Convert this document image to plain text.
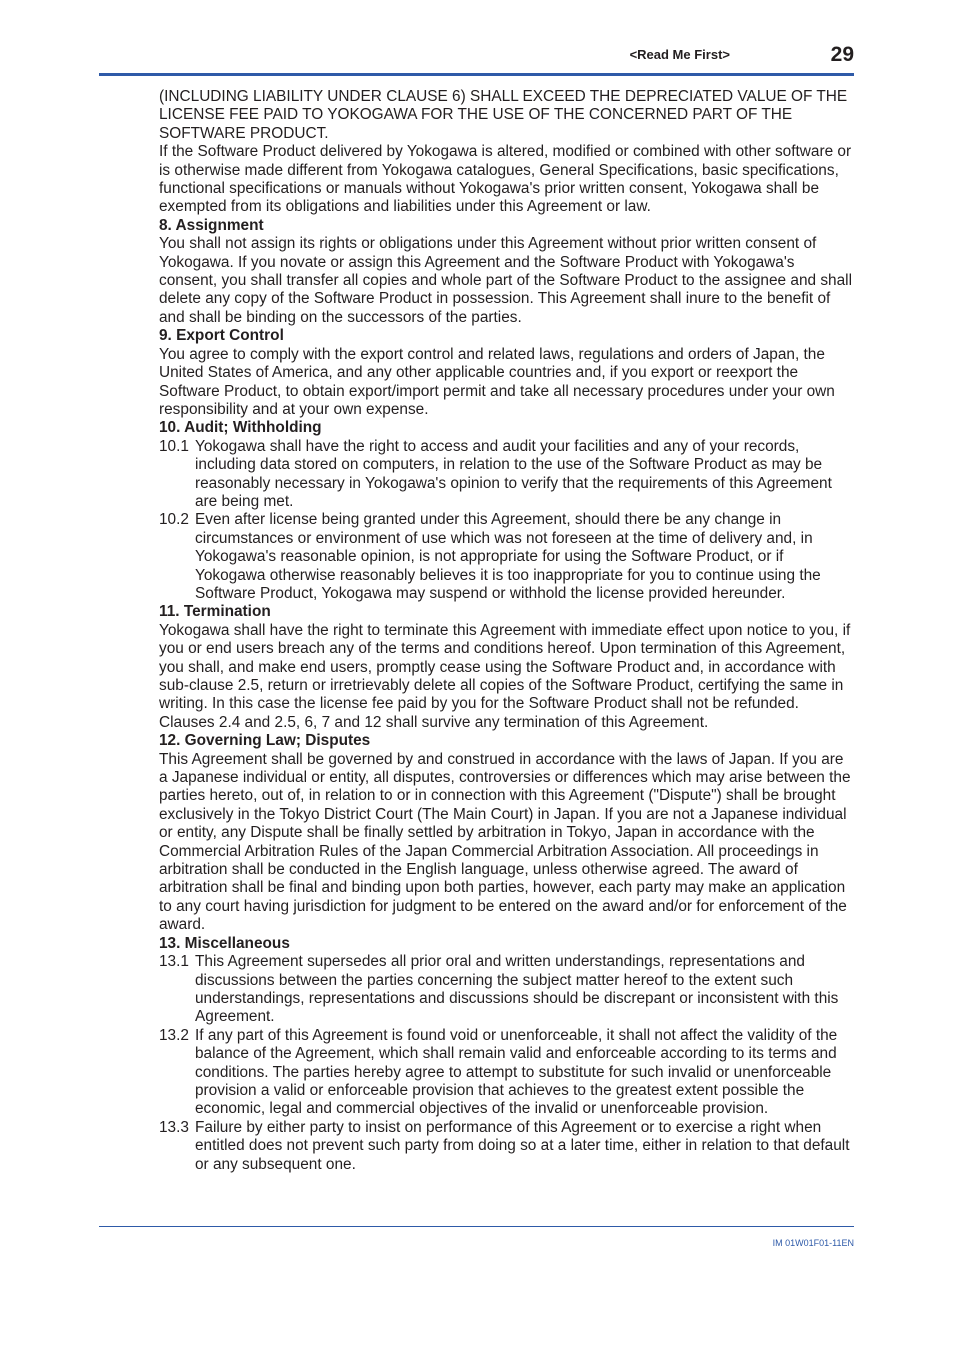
<Read Me First>	29

(INCLUDING LIABILITY UNDER CLAUSE 6) SHALL EXCEED THE DEPRECIATED VALUE OF THE LICENSE FEE PAID TO YOKOGAWA FOR THE USE OF THE CONCERNED PART OF THE SOFTWARE PRODUCT.

If the Software Product delivered by Yokogawa is altered, modified or combined with other software or is otherwise made different from Yokogawa catalogues, General Specifications, basic specifications, functional specifications or manuals without Yokogawa's prior written consent, Yokogawa shall be exempted from its obligations and liabilities under this Agreement or law.

8. Assignment

You shall not assign its rights or obligations under this Agreement without prior written consent of Yokogawa. If you novate or assign this Agreement and the Software Product with Yokogawa's consent, you shall transfer all copies and whole part of the Software Product to the assignee and shall delete any copy of the Software Product in possession. This Agreement shall inure to the benefit of and shall be binding on the successors of the parties.

9. Export Control

You agree to comply with the export control and related laws, regulations and orders of Japan, the United States of America, and any other applicable countries and, if you export or reexport the Software Product, to obtain export/import permit and take all necessary procedures under your own responsibility and at your own expense.

10. Audit; Withholding
10.1 Yokogawa shall have the right to access and audit your facilities and any of your records, including data stored on computers, in relation to the use of the Software Product as may be reasonably necessary in Yokogawa's opinion to verify that the requirements of this Agreement are being met.
10.2 Even after license being granted under this Agreement, should there be any change in circumstances or environment of use which was not foreseen at the time of delivery and, in Yokogawa's reasonable opinion, is not appropriate for using the Software Product, or if Yokogawa otherwise reasonably believes it is too inappropriate for you to continue using the Software Product, Yokogawa may suspend or withhold the license provided hereunder.
11. Termination

Yokogawa shall have the right to terminate this Agreement with immediate effect upon notice to you, if you or end users breach any of the terms and conditions hereof. Upon termination of this Agreement, you shall, and make end users, promptly cease using the Software Product and, in accordance with sub-clause 2.5, return or irretrievably delete all copies of the Software Product, certifying the same in writing. In this case the license fee paid by you for the Software Product shall not be refunded. Clauses 2.4 and 2.5, 6, 7 and 12 shall survive any termination of this Agreement.

12. Governing Law; Disputes

This Agreement shall be governed by and construed in accordance with the laws of Japan. If you are a Japanese individual or entity, all disputes, controversies or differences which may arise between the parties hereto, out of, in relation to or in connection with this Agreement ("Dispute") shall be brought exclusively in the Tokyo District Court (The Main Court) in Japan. If you are not a Japanese individual or entity, any Dispute shall be finally settled by arbitration in Tokyo, Japan in accordance with the Commercial Arbitration Rules of the Japan Commercial Arbitration Association. All proceedings in arbitration shall be conducted in the English language, unless otherwise agreed. The award of arbitration shall be final and binding upon both parties, however, each party may make an application to any court having jurisdiction for judgment to be entered on the award and/or for enforcement of the award.

13. Miscellaneous
13.1 This Agreement supersedes all prior oral and written understandings, representations and discussions between the parties concerning the subject matter hereof to the extent such understandings, representations and discussions should be discrepant or inconsistent with this Agreement.
13.2 If any part of this Agreement is found void or unenforceable, it shall not affect the validity of the balance of the Agreement, which shall remain valid and enforceable according to its terms and conditions. The parties hereby agree to attempt to substitute for such invalid or unenforceable provision a valid or enforceable provision that achieves to the greatest extent possible the economic, legal and commercial objectives of the invalid or unenforceable provision.
13.3 Failure by either party to insist on performance of this Agreement or to exercise a right when entitled does not prevent such party from doing so at a later time, either in relation to that default or any subsequent one.
IM 01W01F01-11EN
